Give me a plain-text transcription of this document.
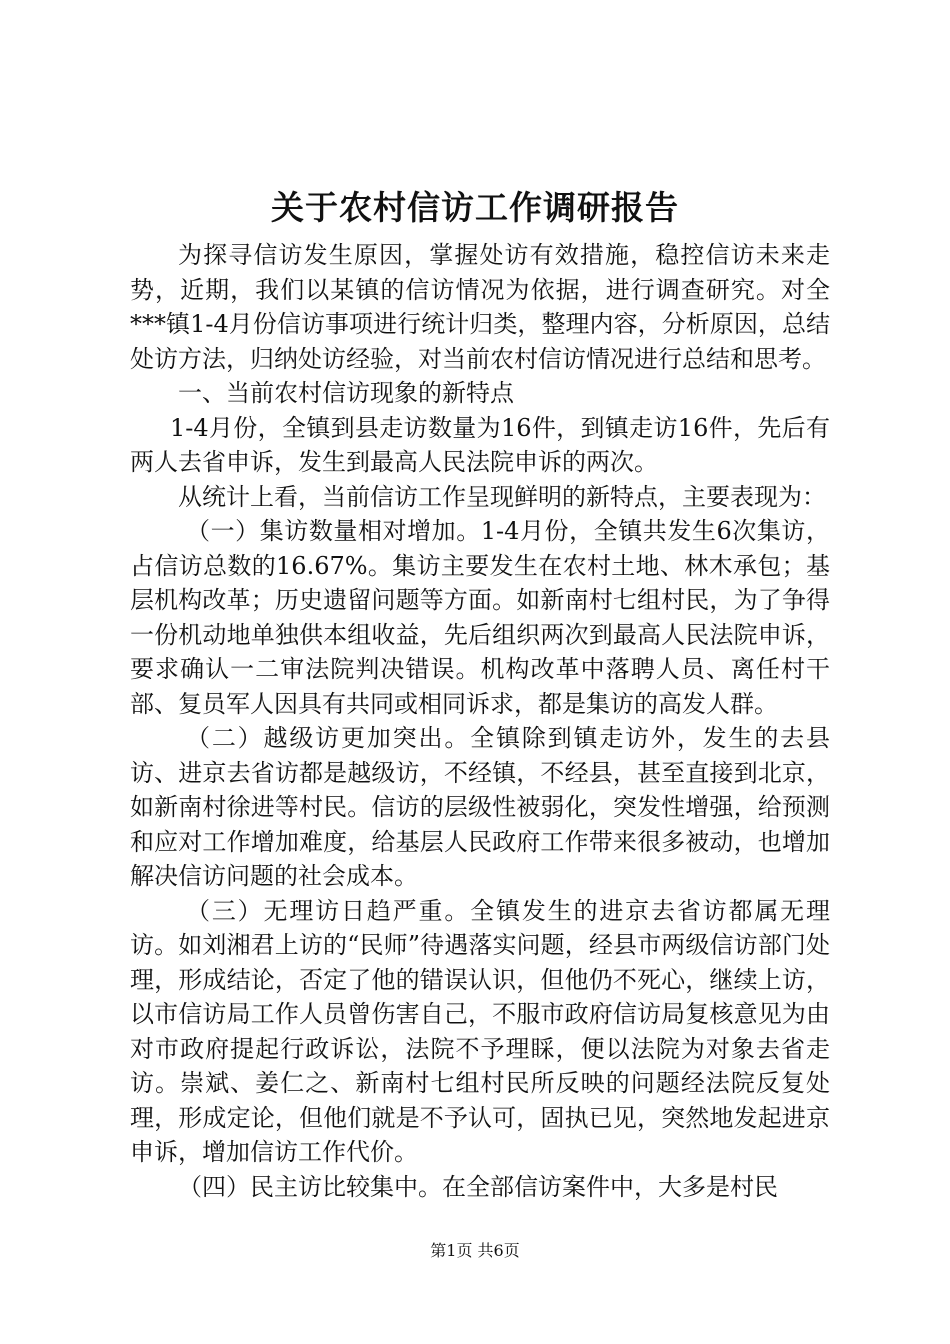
关于农村信访工作调研报告

为探寻信访发生原因，掌握处访有效措施，稳控信访未来走势，近期，我们以某镇的信访情况为依据，进行调查研究。对全***镇1-4月份信访事项进行统计归类，整理内容，分析原因，总结处访方法，归纳处访经验，对当前农村信访情况进行总结和思考。

一、当前农村信访现象的新特点

1-4月份，全镇到县走访数量为16件，到镇走访16件，先后有两人去省申诉，发生到最高人民法院申诉的两次。

从统计上看，当前信访工作呈现鲜明的新特点，主要表现为：

（一）集访数量相对增加。1-4月份，全镇共发生6次集访，占信访总数的16.67%。集访主要发生在农村土地、林木承包；基层机构改革；历史遗留问题等方面。如新南村七组村民，为了争得一份机动地单独供本组收益，先后组织两次到最高人民法院申诉，要求确认一二审法院判决错误。机构改革中落聘人员、离任村干部、复员军人因具有共同或相同诉求，都是集访的高发人群。

（二）越级访更加突出。全镇除到镇走访外，发生的去县访、进京去省访都是越级访，不经镇，不经县，甚至直接到北京，如新南村徐进等村民。信访的层级性被弱化，突发性增强，给预测和应对工作增加难度，给基层人民政府工作带来很多被动，也增加解决信访问题的社会成本。

（三）无理访日趋严重。全镇发生的进京去省访都属无理访。如刘湘君上访的“民师”待遇落实问题，经县市两级信访部门处理，形成结论，否定了他的错误认识，但他仍不死心，继续上访，以市信访局工作人员曾伤害自己，不服市政府信访局复核意见为由对市政府提起行政诉讼，法院不予理睬，便以法院为对象去省走访。崇斌、姜仁之、新南村七组村民所反映的问题经法院反复处理，形成定论，但他们就是不予认可，固执已见，突然地发起进京申诉，增加信访工作代价。

（四）民主访比较集中。在全部信访案件中，大多是村民

第1页 共6页
